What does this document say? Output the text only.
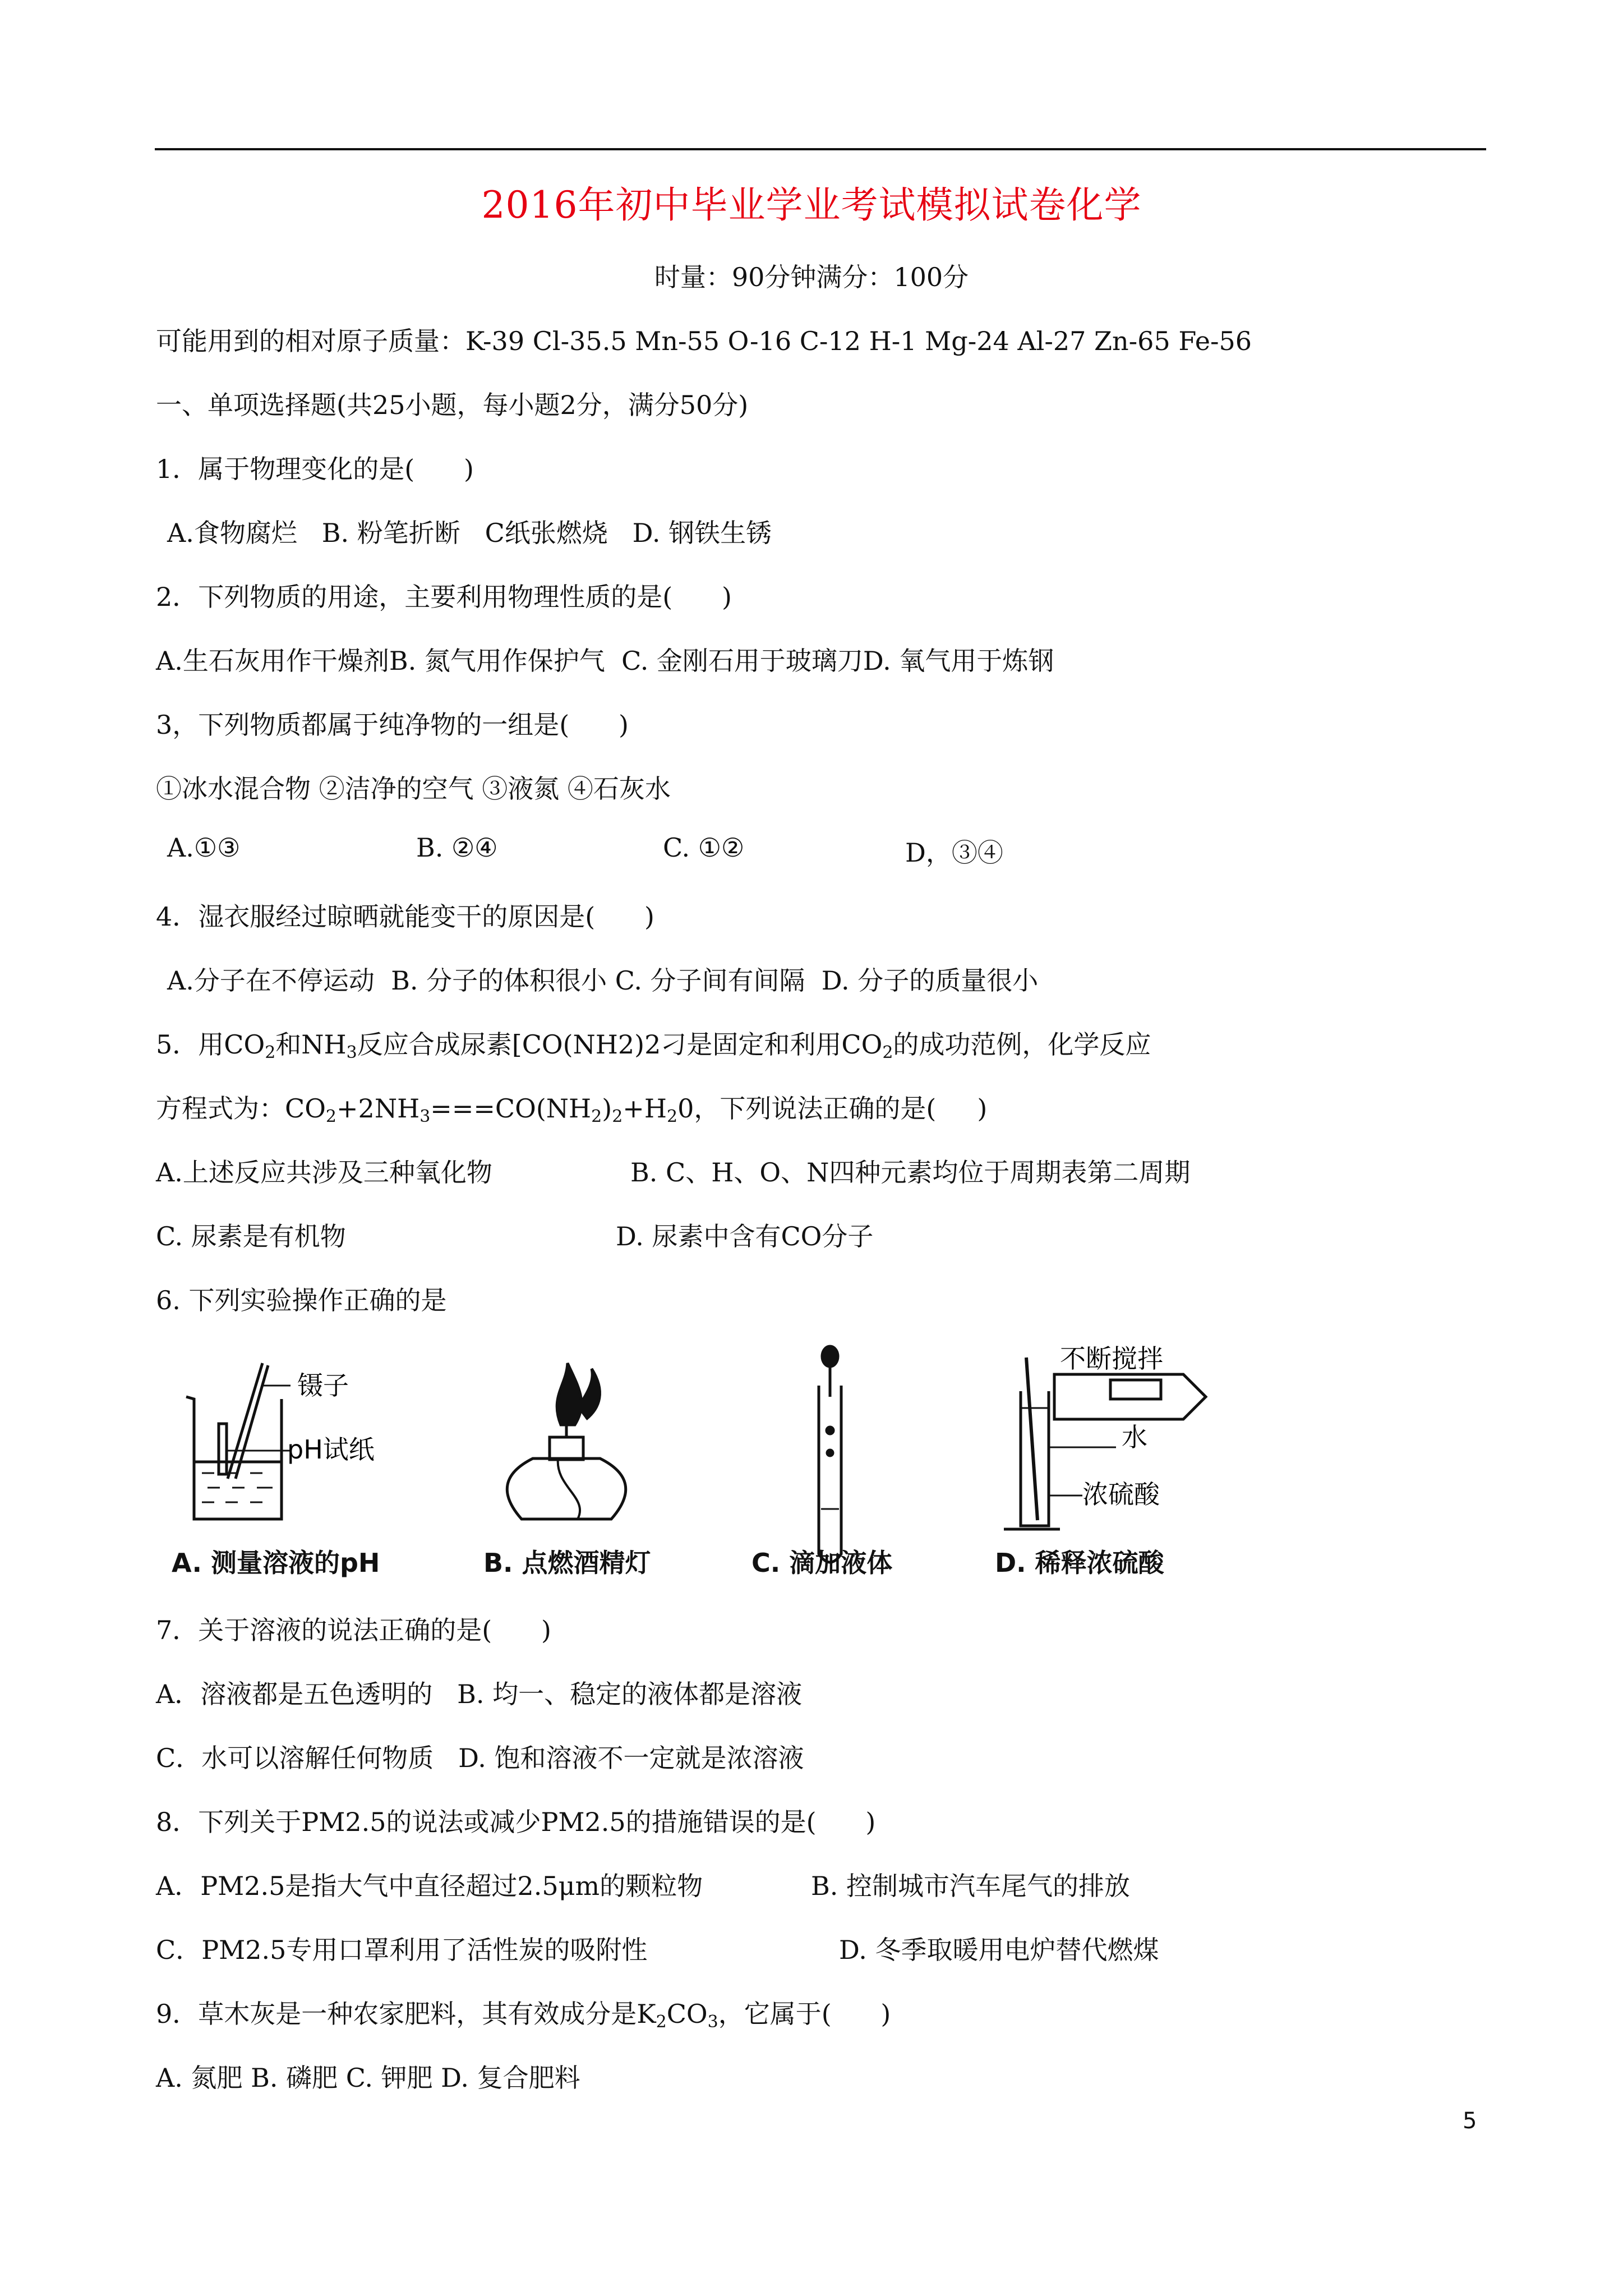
2016年初中毕业学业考试模拟试卷化学
时量：90分钟满分：100分
可能用到的相对原子质量：K-39 Cl-35.5 Mn-55 O-16 C-12 H-1 Mg-24 Al-27 Zn-65 Fe-56
一、单项选择题(共25小题，每小题2分，满分50分)
1．属于物理变化的是(      )
A.食物腐烂   B. 粉笔折断   C纸张燃烧   D. 钢铁生锈
2．下列物质的用途，主要利用物理性质的是(      )
A.生石灰用作干燥剂B. 氮气用作保护气  C. 金刚石用于玻璃刀D. 氧气用于炼钢
3，下列物质都属于纯净物的一组是(      )
①冰水混合物 ②洁净的空气 ③液氮 ④石灰水
A.①③	B. ②④	C. ①②	D，③④
4．湿衣服经过晾晒就能变干的原因是(      )
A.分子在不停运动  B. 分子的体积很小 C. 分子间有间隔  D. 分子的质量很小
5．用$CO_2$和$NH_3$反应合成尿素[CO(NH2)2刁是固定和利用$CO_2$的成功范例，化学反应
方程式为：$CO_2+2NH_3===CO(NH_2)_2+H_20$，下列说法正确的是(     )
A.上述反应共涉及三种氧化物	B. C、H、O、N四种元素均位于周期表第二周期
C. 尿素是有机物	D. 尿素中含有CO分子
6. 下列实验操作正确的是
镊子
pH试纸
不断搅拌
水
浓硫酸
A. 测量溶液的pH	B. 点燃酒精灯	C. 滴加液体	D. 稀释浓硫酸
7．关于溶液的说法正确的是(      )
A．溶液都是五色透明的   B. 均一、稳定的液体都是溶液
C．水可以溶解任何物质   D. 饱和溶液不一定就是浓溶液
8．下列关于PM2.5的说法或减少PM2.5的措施错误的是(      )
A．PM2.5是指大气中直径超过2.5μm的颗粒物	B. 控制城市汽车尾气的排放
C．PM2.5专用口罩利用了活性炭的吸附性	D. 冬季取暖用电炉替代燃煤
9．草木灰是一种农家肥料，其有效成分是$K_2CO_3$，它属于(      )
A. 氮肥 B. 磷肥 C. 钾肥 D. 复合肥料
5
